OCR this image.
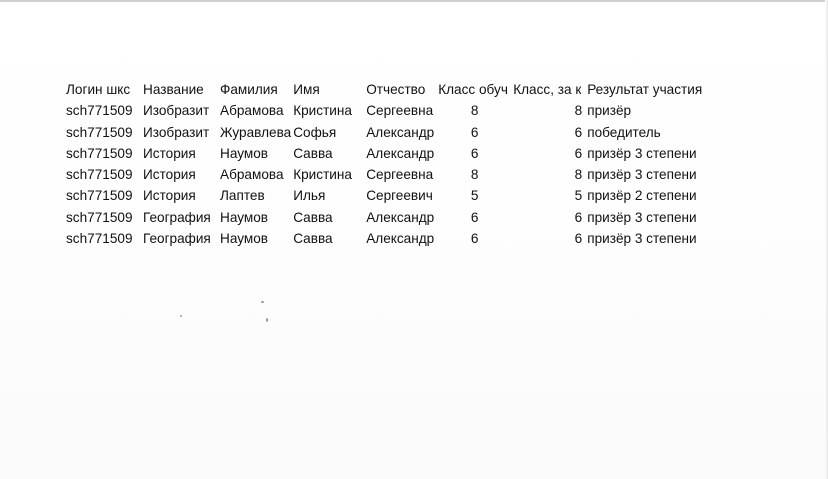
Логин шкс	Название	Фамилия	Имя	Отчество	Класс обуч	Класс, за к	Результат участия
sch771509	Изобразит	Абрамова	Кристина	Сергеевна	8	8	призёр
sch771509	Изобразит	Журавлева	Софья	Александр	6	6	победитель
sch771509	История	Наумов	Савва	Александр	6	6	призёр 3 степени
sch771509	История	Абрамова	Кристина	Сергеевна	8	8	призёр 3 степени
sch771509	История	Лаптев	Илья	Сергеевич	5	5	призёр 2 степени
sch771509	География	Наумов	Савва	Александр	6	6	призёр 3 степени
sch771509	География	Наумов	Савва	Александр	6	6	призёр 3 степени
